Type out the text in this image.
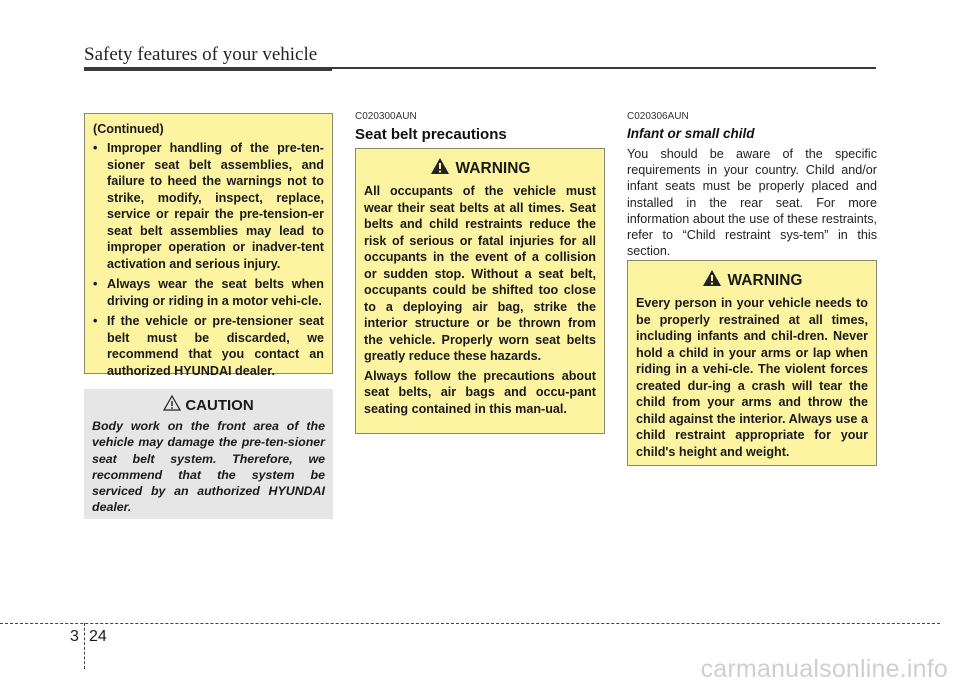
Safety features of your vehicle
(Continued)
• Improper handling of the pre-ten-sioner seat belt assemblies, and failure to heed the warnings not to strike, modify, inspect, replace, service or repair the pre-tension-er seat belt assemblies may lead to improper operation or inadver-tent activation and serious injury.
• Always wear the seat belts when driving or riding in a motor vehi-cle.
• If the vehicle or pre-tensioner seat belt must be discarded, we recommend that you contact an authorized HYUNDAI dealer.
CAUTION
Body work on the front area of the vehicle may damage the pre-ten-sioner seat belt system. Therefore, we recommend that the system be serviced by an authorized HYUNDAI dealer.
C020300AUN
Seat belt precautions
WARNING

All occupants of the vehicle must wear their seat belts at all times. Seat belts and child restraints reduce the risk of serious or fatal injuries for all occupants in the event of a collision or sudden stop. Without a seat belt, occupants could be shifted too close to a deploying air bag, strike the interior structure or be thrown from the vehicle. Properly worn seat belts greatly reduce these hazards.

Always follow the precautions about seat belts, air bags and occu-pant seating contained in this man-ual.

C020306AUN
Infant or small child
You should be aware of the specific requirements in your country. Child and/or infant seats must be properly placed and installed in the rear seat. For more information about the use of these restraints, refer to “Child restraint sys-tem” in this section.
WARNING

Every person in your vehicle needs to be properly restrained at all times, including infants and chil-dren. Never hold a child in your arms or lap when riding in a vehi-cle. The violent forces created dur-ing a crash will tear the child from your arms and throw the child against the interior. Always use a child restraint appropriate for your child's height and weight.

3 24
carmanualsonline.info
